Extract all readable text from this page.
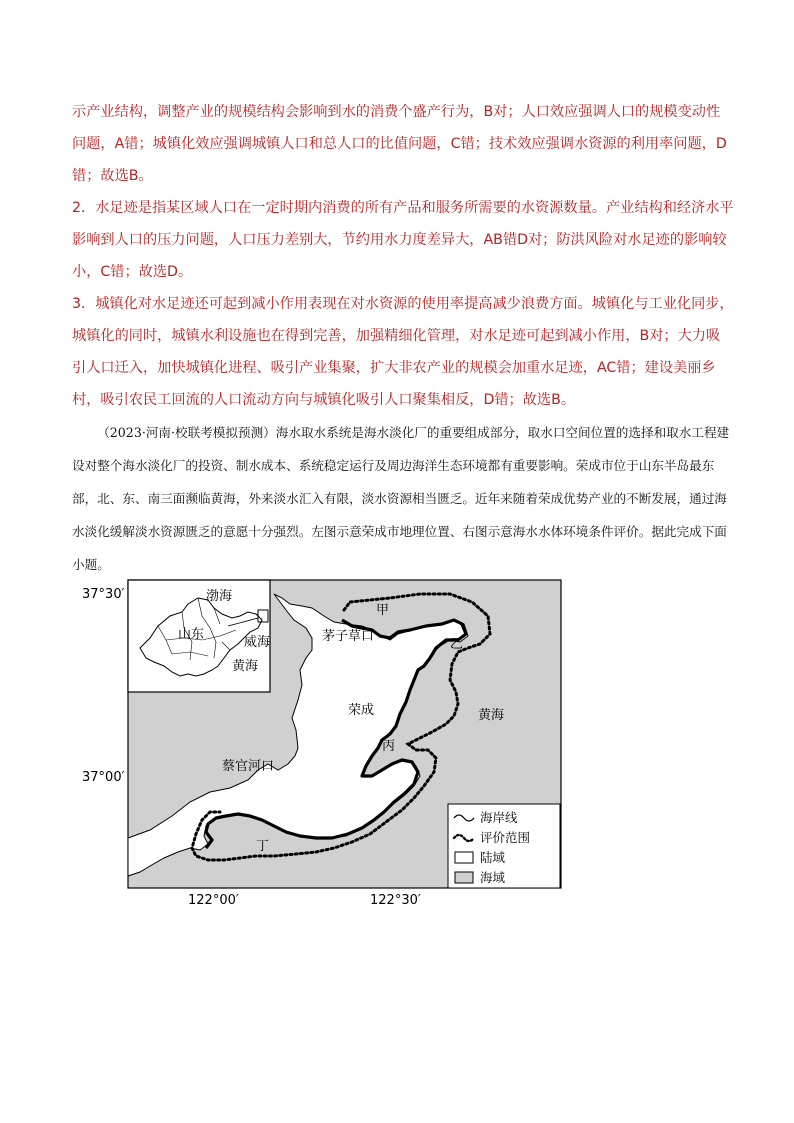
示产业结构，调整产业的规模结构会影响到水的消费个盛产行为，B对；人口效应强调人口的规模变动性问题，A错；城镇化效应强调城镇人口和总人口的比值问题，C错；技术效应强调水资源的利用率问题，D错；故选B。

2．水足迹是指某区域人口在一定时期内消费的所有产品和服务所需要的水资源数量。产业结构和经济水平影响到人口的压力问题，人口压力差别大，节约用水力度差异大，AB错D对；防洪风险对水足迹的影响较小，C错；故选D。

3．城镇化对水足迹还可起到减小作用表现在对水资源的使用率提高减少浪费方面。城镇化与工业化同步，城镇化的同时，城镇水利设施也在得到完善，加强精细化管理，对水足迹可起到减小作用，B对；大力吸引人口迁入，加快城镇化进程、吸引产业集聚，扩大非农产业的规模会加重水足迹，AC错；建设美丽乡村，吸引农民工回流的人口流动方向与城镇化吸引人口聚集相反，D错；故选B。

（2023·河南·校联考模拟预测）海水取水系统是海水淡化厂的重要组成部分，取水口空间位置的选择和取水工程建设对整个海水淡化厂的投资、制水成本、系统稳定运行及周边海洋生态环境都有重要影响。荣成市位于山东半岛最东部，北、东、南三面濒临黄海，外来淡水汇入有限，淡水资源相当匮乏。近年来随着荣成优势产业的不断发展，通过海水淡化缓解淡水资源匮乏的意愿十分强烈。左图示意荣成市地理位置、右图示意海水水体环境条件评价。据此完成下面小题。

37°30′
37°00′
122°00′	122°30′
渤海
山东
威海
黄海
甲
乙
丙
丁
茅子草口
荣成
蔡官河口
黄海
海岸线
评价范围
陆域
海域
